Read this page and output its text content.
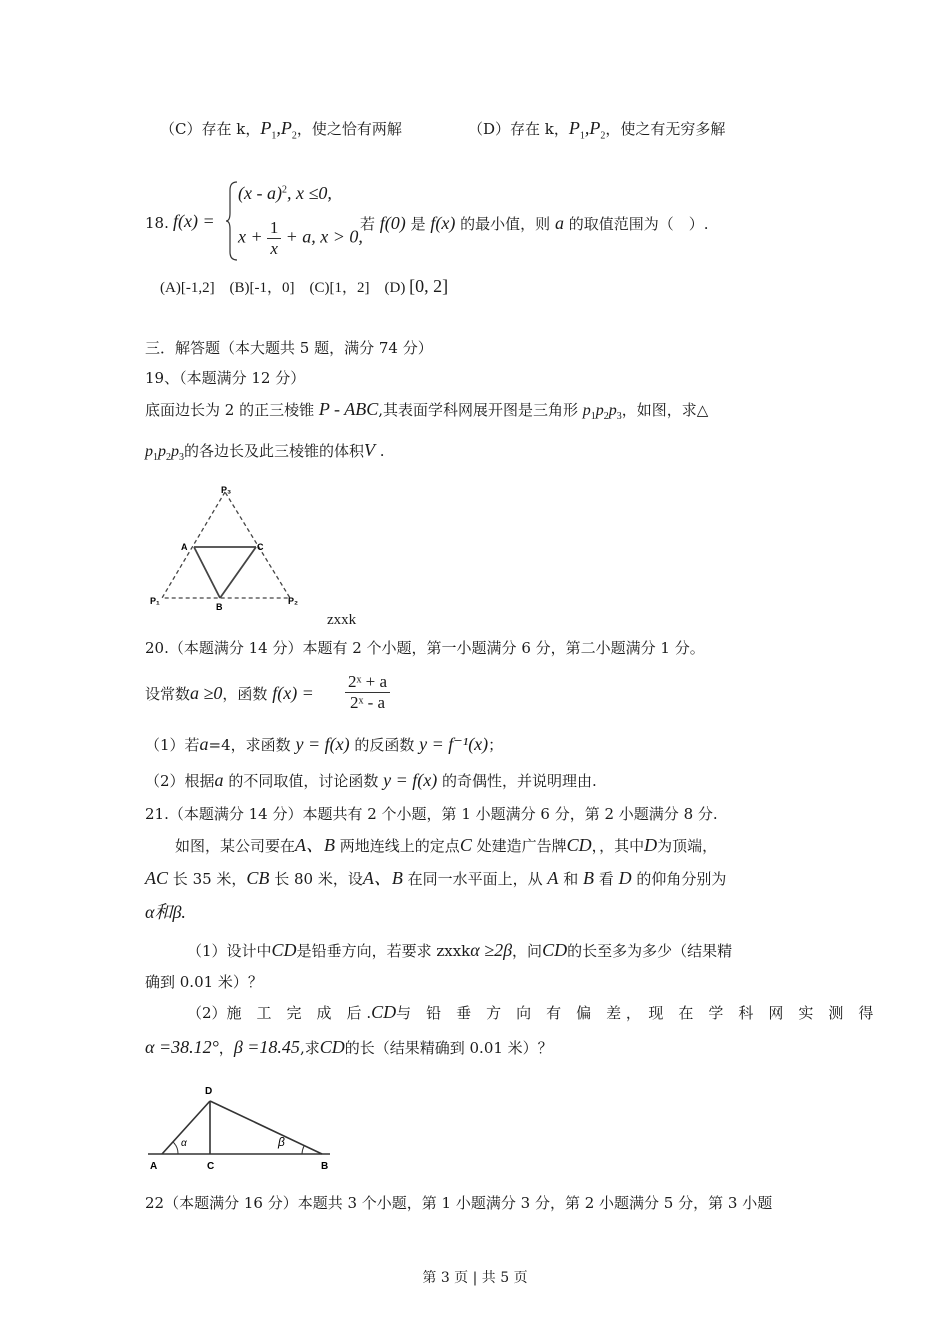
（C）存在 k，$P_1,P_2$，使之恰有两解	（D）存在 k，$P_1,P_2$，使之有无穷多解
18. f(x) =
(x - a)$^2$, x ≤0,
$x + \frac{1}{x} + a$, x > 0,
若 f(0) 是 f(x) 的最小值，则 a 的取值范围为（　）.
(A)[-1,2]　(B)[-1，0]　(C)[1，2]　(D) [0, 2]
三．解答题（本大题共 5 题，满分 74 分）
19、（本题满分 12 分）
底面边长为 2 的正三棱锥 P - ABC,其表面学科网展开图是三角形 $p_1p_2p_3$，如图，求△
$p_1p_2p_3$的各边长及此三棱锥的体积V .
P₃
A	C
P₁
B
P₂
zxxk
20.（本题满分 14 分）本题有 2 个小题，第一小题满分 6 分，第二小题满分 1 分。
设常数a ≥0，函数 $f(x) = \frac{\text{2ˣ + a}}{\text{2ˣ - a}}$
（1）若a=4，求函数 y = f(x) 的反函数 y = f⁻¹(x)；
（2）根据a 的不同取值，讨论函数 y = f(x) 的奇偶性，并说明理由.
21.（本题满分 14 分）本题共有 2 个小题，第 1 小题满分 6 分，第 2 小题满分 8 分.
如图，某公司要在A、B 两地连线上的定点C 处建造广告牌CD，，其中D为顶端，
AC 长 35 米，CB 长 80 米，设A、B 在同一水平面上，从 A 和 B 看 D 的仰角分别为
α和β.
（1）设计中CD是铅垂方向，若要求 zxxkα ≥2β，问CD的长至多为多少（结果精
确到 0.01 米）？
（2）施　工　完　成　后 .CD与　铅　垂　方　向　有　偏　差 ，　现　在　学　科　网　实　测　得
α =38.12°，β =18.45,求CD的长（结果精确到 0.01 米）？
α	β
D
A	C	B
22（本题满分 16 分）本题共 3 个小题，第 1 小题满分 3 分，第 2 小题满分 5 分，第 3 小题
第 3 页 | 共 5 页
